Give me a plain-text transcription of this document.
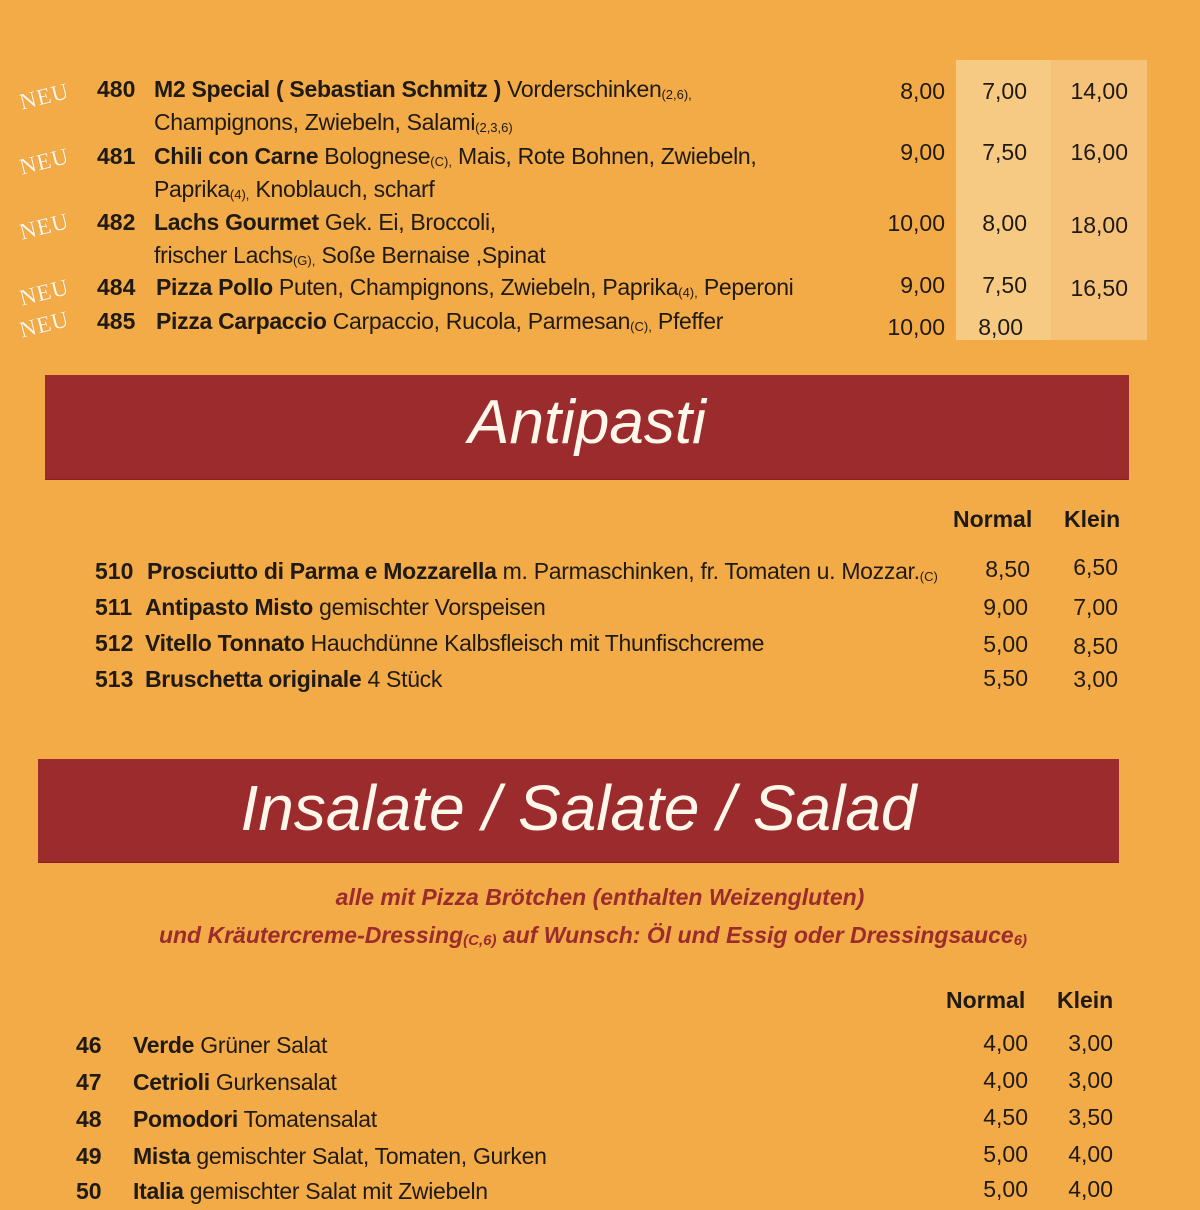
NEU	480 M2 Special ( Sebastian Schmitz ) Vorderschinken$_{(2,6),}$
Champignons, Zwiebeln, Salami$_{(2,3,6)}$
8,00	7,00	14,00
NEU	481 Chili con Carne Bolognese$_{(C),}$ Mais, Rote Bohnen, Zwiebeln,
Paprika$_{(4),}$ Knoblauch, scharf
9,00	7,50	16,00
NEU	482 Lachs Gourmet Gek. Ei, Broccoli,
frischer Lachs$_{(G),}$ Soße Bernaise ,Spinat
10,00	8,00	18,00
NEU	484 Pizza Pollo Puten, Champignons, Zwiebeln, Paprika$_{(4),}$ Peperoni	9,00	7,50	16,50
NEU	485 Pizza Carpaccio Carpaccio, Rucola, Parmesan$_{(C),}$ Pfeffer	10,00	8,00
Antipasti
Normal Klein
510 Prosciutto di Parma e Mozzarella m. Parmaschinken, fr. Tomaten u. $Mozzar._{(C)}$	8,50	6,50
511 Antipasto Misto gemischter Vorspeisen	9,00	7,00
512 Vitello Tonnato Hauchdünne Kalbsfleisch mit Thunfischcreme	5,00	8,50
513 Bruschetta originale 4 Stück	5,50	3,00
Insalate / Salate / Salad
alle mit Pizza Brötchen (enthalten Weizengluten)
und Kräutercreme-Dressing$_{(C,6)}$ auf Wunsch: Öl und Essig oder Dressingsauce$_{6)}$
Normal Klein
46 Verde Grüner Salat	4,00	3,00
47 Cetrioli Gurkensalat	4,00	3,00
48 Pomodori Tomatensalat	4,50	3,50
49 Mista gemischter Salat, Tomaten, Gurken	5,00	4,00
50 Italia gemischter Salat mit Zwiebeln	5,00	4,00
